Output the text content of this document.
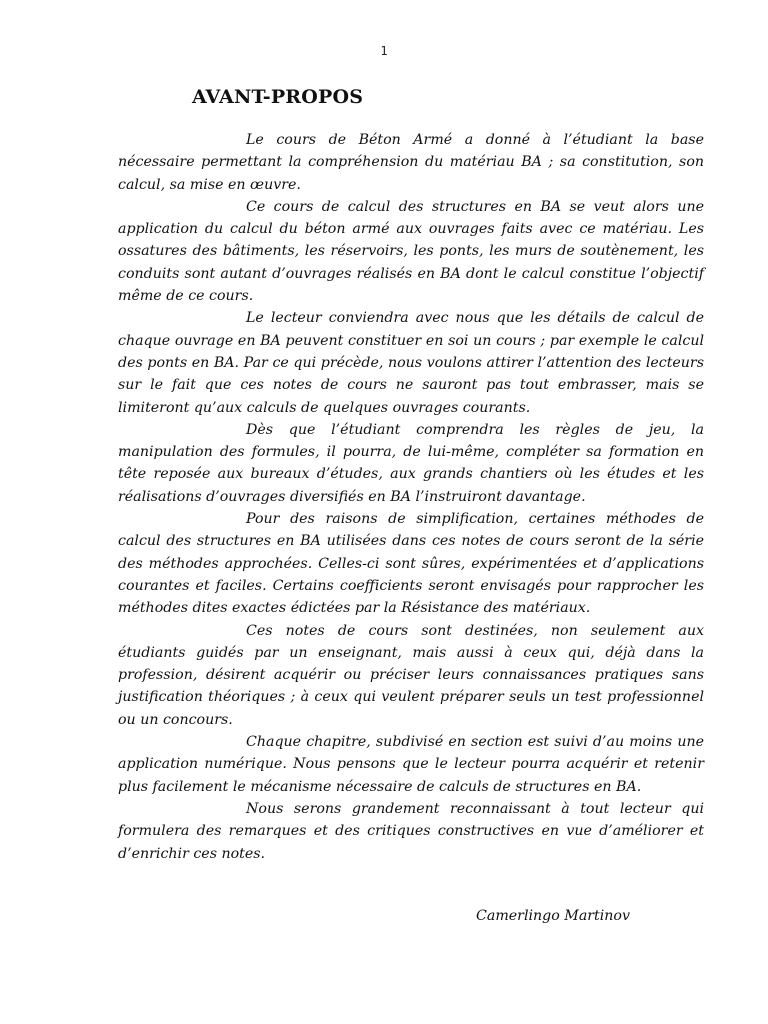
1
AVANT-PROPOS

Le cours de Béton Armé a donné à l’étudiant la base nécessaire permettant la compréhension du matériau BA ; sa constitution, son calcul, sa mise en œuvre.

Ce cours de calcul des structures en BA se veut alors une application du calcul du béton armé aux ouvrages faits avec ce matériau. Les ossatures des bâtiments, les réservoirs, les ponts, les murs de soutènement, les conduits sont autant d’ouvrages réalisés en BA dont le calcul constitue l’objectif même de ce cours.

Le lecteur conviendra avec nous que les détails de calcul de chaque ouvrage en BA peuvent constituer en soi un cours ; par exemple le calcul des ponts en BA. Par ce qui précède, nous voulons attirer l’attention des lecteurs sur le fait que ces notes de cours ne sauront pas tout embrasser, mais se limiteront qu’aux calculs de quelques ouvrages courants.

Dès que l’étudiant comprendra les règles de jeu, la manipulation des formules, il pourra, de lui-même, compléter sa formation en tête reposée aux bureaux d’études, aux grands chantiers où les études et les réalisations d’ouvrages diversifiés en BA l’instruiront davantage.

Pour des raisons de simplification, certaines méthodes de calcul des structures en BA utilisées dans ces notes de cours seront de la série des méthodes approchées. Celles-ci sont sûres, expérimentées et d’applications courantes et faciles. Certains coefficients seront envisagés pour rapprocher les méthodes dites exactes édictées par la Résistance des matériaux.

Ces notes de cours sont destinées, non seulement aux étudiants guidés par un enseignant, mais aussi à ceux qui, déjà dans la profession, désirent acquérir ou préciser leurs connaissances pratiques sans justification théoriques ; à ceux qui veulent préparer seuls un test professionnel ou un concours.

Chaque chapitre, subdivisé en section est suivi d’au moins une application numérique. Nous pensons que le lecteur pourra acquérir et retenir plus facilement le mécanisme nécessaire de calculs de structures en BA.

Nous serons grandement reconnaissant à tout lecteur qui formulera des remarques et des critiques constructives en vue d’améliorer et d’enrichir ces notes.

Camerlingo Martinov
